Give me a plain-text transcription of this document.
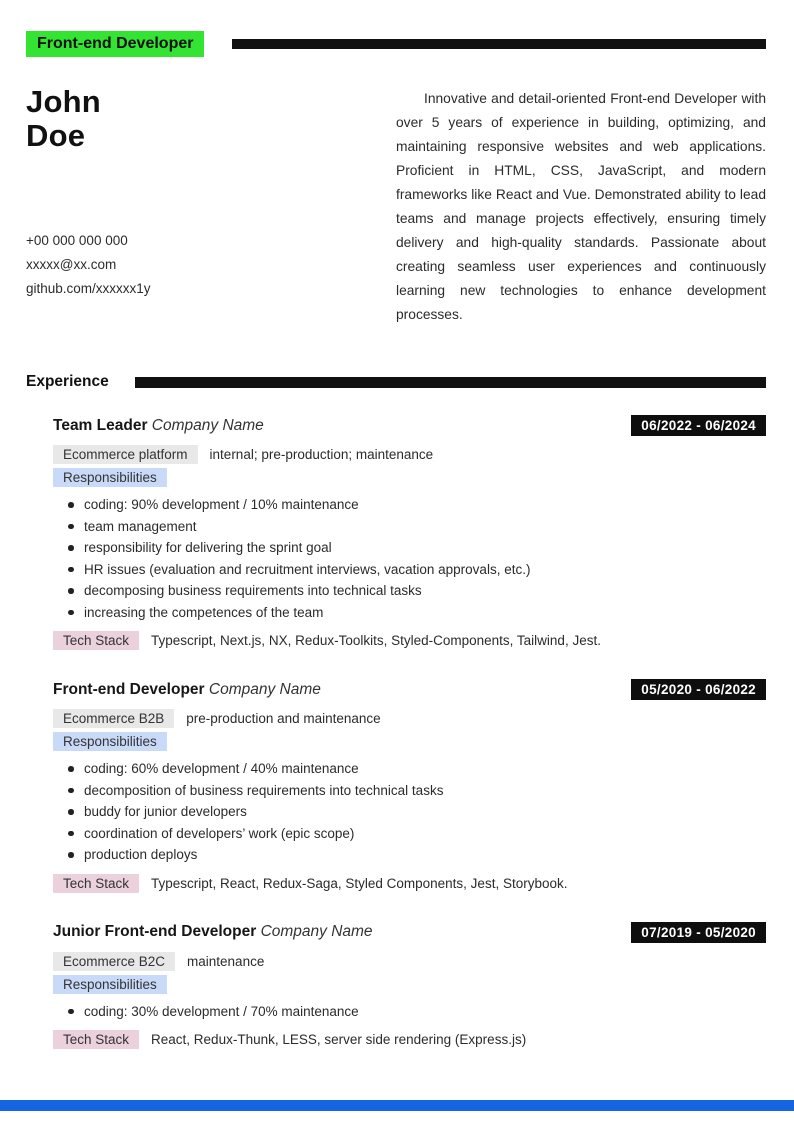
Front-end Developer
John
Doe
+00 000 000 000
xxxxx@xx.com
github.com/xxxxxx1y

Innovative and detail-oriented Front-end Developer with over 5 years of experience in building, optimizing, and maintaining responsive websites and web applications. Proficient in HTML, CSS, JavaScript, and modern frameworks like React and Vue. Demonstrated ability to lead teams and manage projects effectively, ensuring timely delivery and high-quality standards. Passionate about creating seamless user experiences and continuously learning new technologies to enhance development processes.

Experience
Team Leader Company Name	06/2022 - 06/2024
Ecommerce platform	internal; pre-production; maintenance
Responsibilities
coding: 90% development / 10% maintenance
team management
responsibility for delivering the sprint goal
HR issues (evaluation and recruitment interviews, vacation approvals, etc.)
decomposing business requirements into technical tasks
increasing the competences of the team
Tech Stack	Typescript, Next.js, NX, Redux-Toolkits, Styled-Components, Tailwind, Jest.
Front-end Developer Company Name	05/2020 - 06/2022
Ecommerce B2B	pre-production and maintenance
Responsibilities
coding: 60% development / 40% maintenance
decomposition of business requirements into technical tasks
buddy for junior developers
coordination of developers’ work (epic scope)
production deploys
Tech Stack	Typescript, React, Redux-Saga, Styled Components, Jest, Storybook.
Junior Front-end Developer Company Name	07/2019 - 05/2020
Ecommerce B2C	maintenance
Responsibilities
coding: 30% development / 70% maintenance
Tech Stack	React, Redux-Thunk, LESS, server side rendering (Express.js)
